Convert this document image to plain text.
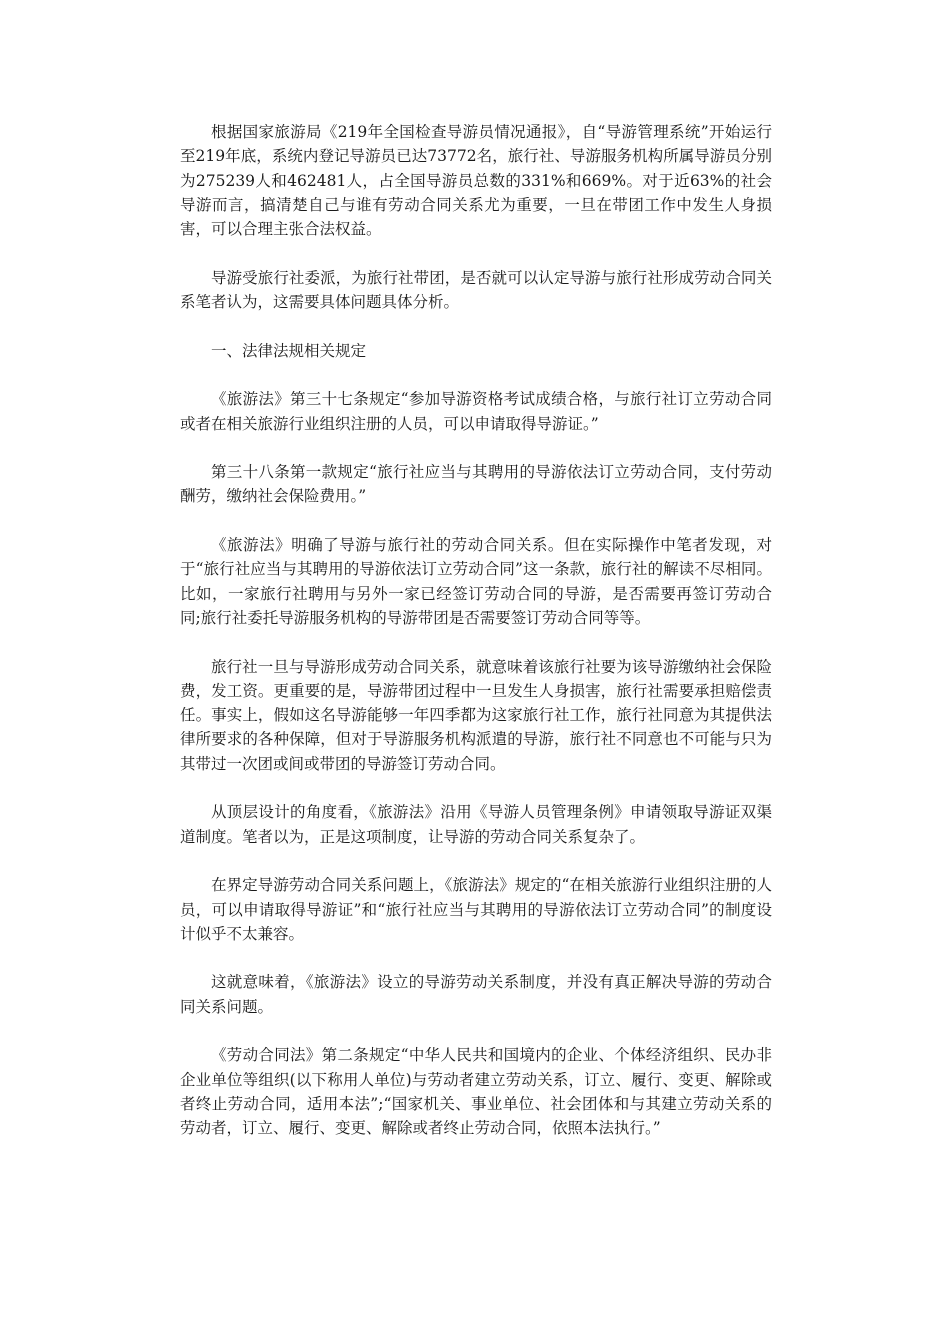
根据国家旅游局《219年全国检查导游员情况通报》，自“导游管理系统”开始运行至219年底，系统内登记导游员已达73772名，旅行社、导游服务机构所属导游员分别为275239人和462481人，占全国导游员总数的331%和669%。对于近63%的社会导游而言，搞清楚自己与谁有劳动合同关系尤为重要，一旦在带团工作中发生人身损害，可以合理主张合法权益。

导游受旅行社委派，为旅行社带团，是否就可以认定导游与旅行社形成劳动合同关系笔者认为，这需要具体问题具体分析。

一、法律法规相关规定

《旅游法》第三十七条规定“参加导游资格考试成绩合格，与旅行社订立劳动合同或者在相关旅游行业组织注册的人员，可以申请取得导游证。”

第三十八条第一款规定“旅行社应当与其聘用的导游依法订立劳动合同，支付劳动酬劳，缴纳社会保险费用。”

《旅游法》明确了导游与旅行社的劳动合同关系。但在实际操作中笔者发现，对于“旅行社应当与其聘用的导游依法订立劳动合同”这一条款，旅行社的解读不尽相同。比如，一家旅行社聘用与另外一家已经签订劳动合同的导游，是否需要再签订劳动合同;旅行社委托导游服务机构的导游带团是否需要签订劳动合同等等。

旅行社一旦与导游形成劳动合同关系，就意味着该旅行社要为该导游缴纳社会保险费，发工资。更重要的是，导游带团过程中一旦发生人身损害，旅行社需要承担赔偿责任。事实上，假如这名导游能够一年四季都为这家旅行社工作，旅行社同意为其提供法律所要求的各种保障，但对于导游服务机构派遣的导游，旅行社不同意也不可能与只为其带过一次团或间或带团的导游签订劳动合同。

从顶层设计的角度看，《旅游法》沿用《导游人员管理条例》申请领取导游证双渠道制度。笔者以为，正是这项制度，让导游的劳动合同关系复杂了。

在界定导游劳动合同关系问题上，《旅游法》规定的“在相关旅游行业组织注册的人员，可以申请取得导游证”和“旅行社应当与其聘用的导游依法订立劳动合同”的制度设计似乎不太兼容。

这就意味着，《旅游法》设立的导游劳动关系制度，并没有真正解决导游的劳动合同关系问题。

《劳动合同法》第二条规定“中华人民共和国境内的企业、个体经济组织、民办非企业单位等组织(以下称用人单位)与劳动者建立劳动关系，订立、履行、变更、解除或者终止劳动合同，适用本法”;“国家机关、事业单位、社会团体和与其建立劳动关系的劳动者，订立、履行、变更、解除或者终止劳动合同，依照本法执行。”
